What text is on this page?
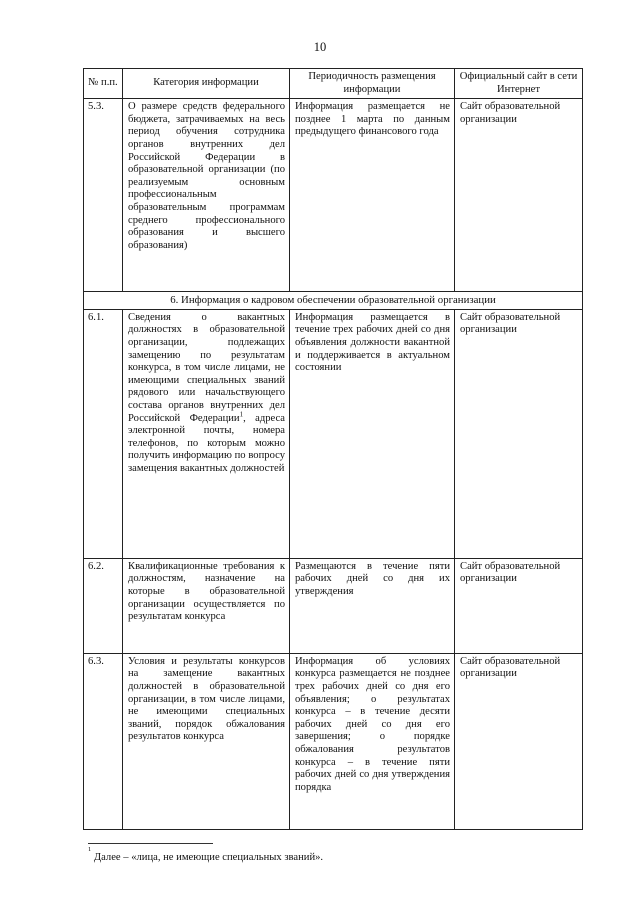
10
№ п.п.	Категория информации	Периодичность размещения информации	Официальный сайт в сети Интернет
5.3.	О размере средств федерального бюджета, затрачиваемых на весь период обучения сотрудника органов внутренних дел Российской Федерации в образовательной организации (по реализуемым основным профессиональным образовательным программам среднего профессионального образования и высшего образования)	Информация размещается не позднее 1 марта по данным предыдущего финансового года	Сайт образовательной организации
6. Информация о кадровом обеспечении образовательной организации			
6.1.	Сведения о вакантных должностях в образовательной организации, подлежащих замещению по результатам конкурса, в том числе лицами, не имеющими специальных званий рядового или начальствующего состава органов внутренних дел Российской Федерации$^1$, адреса электронной почты, номера телефонов, по которым можно получить информацию по вопросу замещения вакантных должностей	Информация размещается в течение трех рабочих дней со дня объявления должности вакантной и поддерживается в актуальном состоянии	Сайт образовательной организации
6.2.	Квалификационные требования к должностям, назначение на которые в образовательной организации осуществляется по результатам конкурса	Размещаются в течение пяти рабочих дней со дня их утверждения	Сайт образовательной организации
6.3.	Условия и результаты конкурсов на замещение вакантных должностей в образовательной организации, в том числе лицами, не имеющими специальных званий, порядок обжалования результатов конкурса	Информация об условиях конкурса размещается не позднее трех рабочих дней со дня его объявления; о результатах конкурса – в течение десяти рабочих дней со дня его завершения; о порядке обжалования результатов конкурса – в течение пяти рабочих дней со дня утверждения порядка	Сайт образовательной организации
$^1$ Далее – «лица, не имеющие специальных званий».
